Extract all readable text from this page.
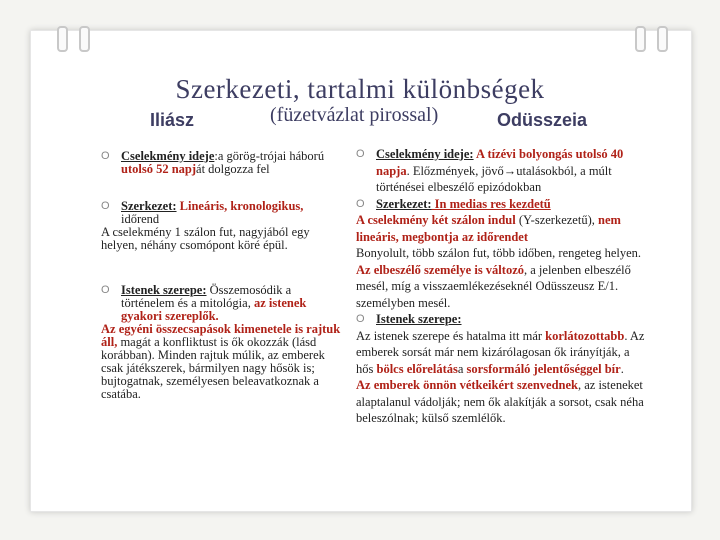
Szerkezeti, tartalmi különbségek
(füzetvázlat pirossal)
Iliász	Odüsszeia

O Cselekmény ideje:a görög-trójai háború utolsó 52 napját dolgozza fel

O Szerkezet: Lineáris, kronologikus, időrend

A cselekmény 1 szálon fut, nagyjából egy helyen, néhány csomópont köré épül.

O Istenek szerepe: Összemosódik a történelem és a mitológia, az istenek gyakori szereplők.

Az egyéni összecsapások kimenetele is rajtuk áll, magát a konfliktust is ők okozzák (lásd korábban). Minden rajtuk múlik, az emberek csak játékszerek, bármilyen nagy hősök is; bujtogatnak, személyesen beleavatkoznak a csatába.

O Cselekmény ideje: A tízévi bolyongás utolsó 40 napja. Előzmények, jövő→utalásokból, a múlt történései elbeszélő epizódokban

O Szerkezet: In medias res kezdetű

A cselekmény két szálon indul (Y-szerkezetű), nem lineáris, megbontja az időrendet

Bonyolult, több szálon fut, több időben, rengeteg helyen. Az elbeszélő személye is változó, a jelenben elbeszélő mesél, míg a visszaemlékezéseknél Odüsszeusz E/1. személyben mesél.

O Istenek szerepe:

Az istenek szerepe és hatalma itt már korlátozottabb. Az emberek sorsát már nem kizárólagosan ők irányítják, a hős bölcs előrelátása sorsformáló jelentőséggel bír.

Az emberek önnön vétkeikért szenvednek, az isteneket alaptalanul vádolják; nem ők alakítják a sorsot, csak néha beleszólnak; külső szemlélők.
